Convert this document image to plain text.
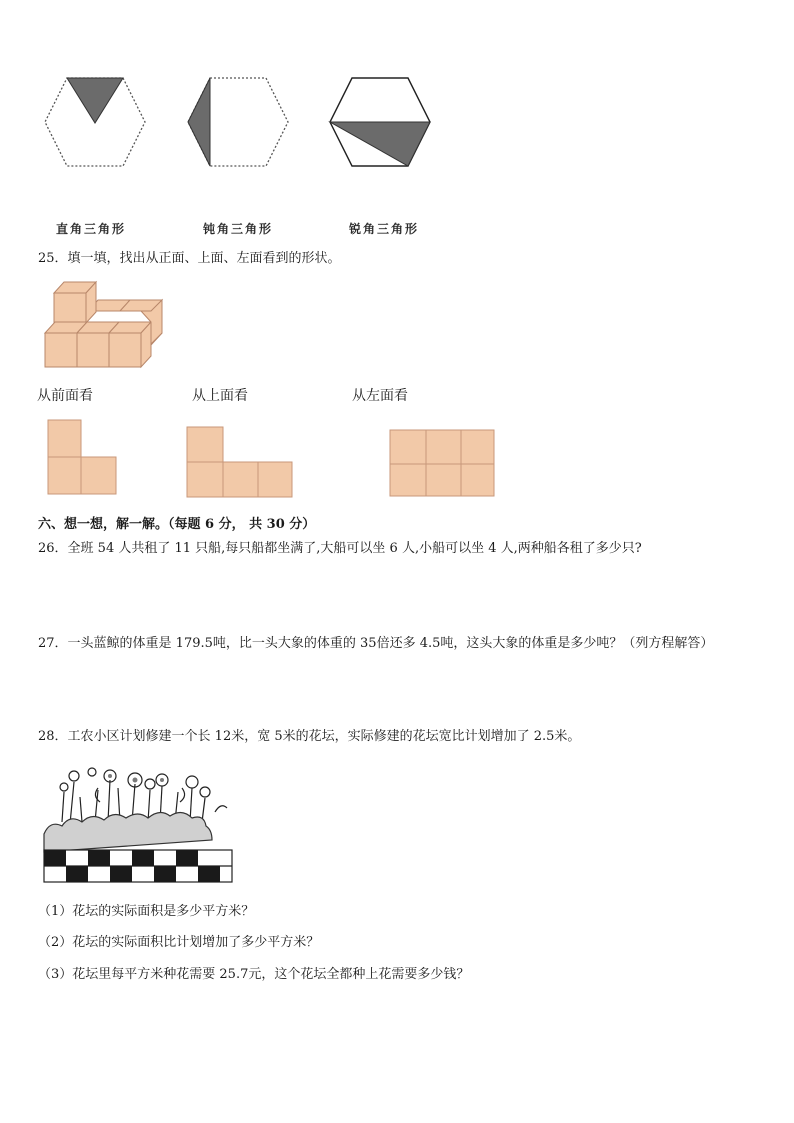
直角三角形	钝角三角形	锐角三角形
25．填一填，找出从正面、上面、左面看到的形状。
从前面看	从上面看	从左面看
六、想一想，解一解。（每题 6 分， 共 30 分）
26．全班 54 人共租了 11 只船,每只船都坐满了,大船可以坐 6 人,小船可以坐 4 人,两种船各租了多少只?
27．一头蓝鲸的体重是 179.5吨，比一头大象的体重的 35倍还多 4.5吨，这头大象的体重是多少吨？（列方程解答）
28．工农小区计划修建一个长 12米，宽 5米的花坛，实际修建的花坛宽比计划增加了 2.5米。
（1）花坛的实际面积是多少平方米？
（2）花坛的实际面积比计划增加了多少平方米？
（3）花坛里每平方米种花需要 25.7元，这个花坛全都种上花需要多少钱？
